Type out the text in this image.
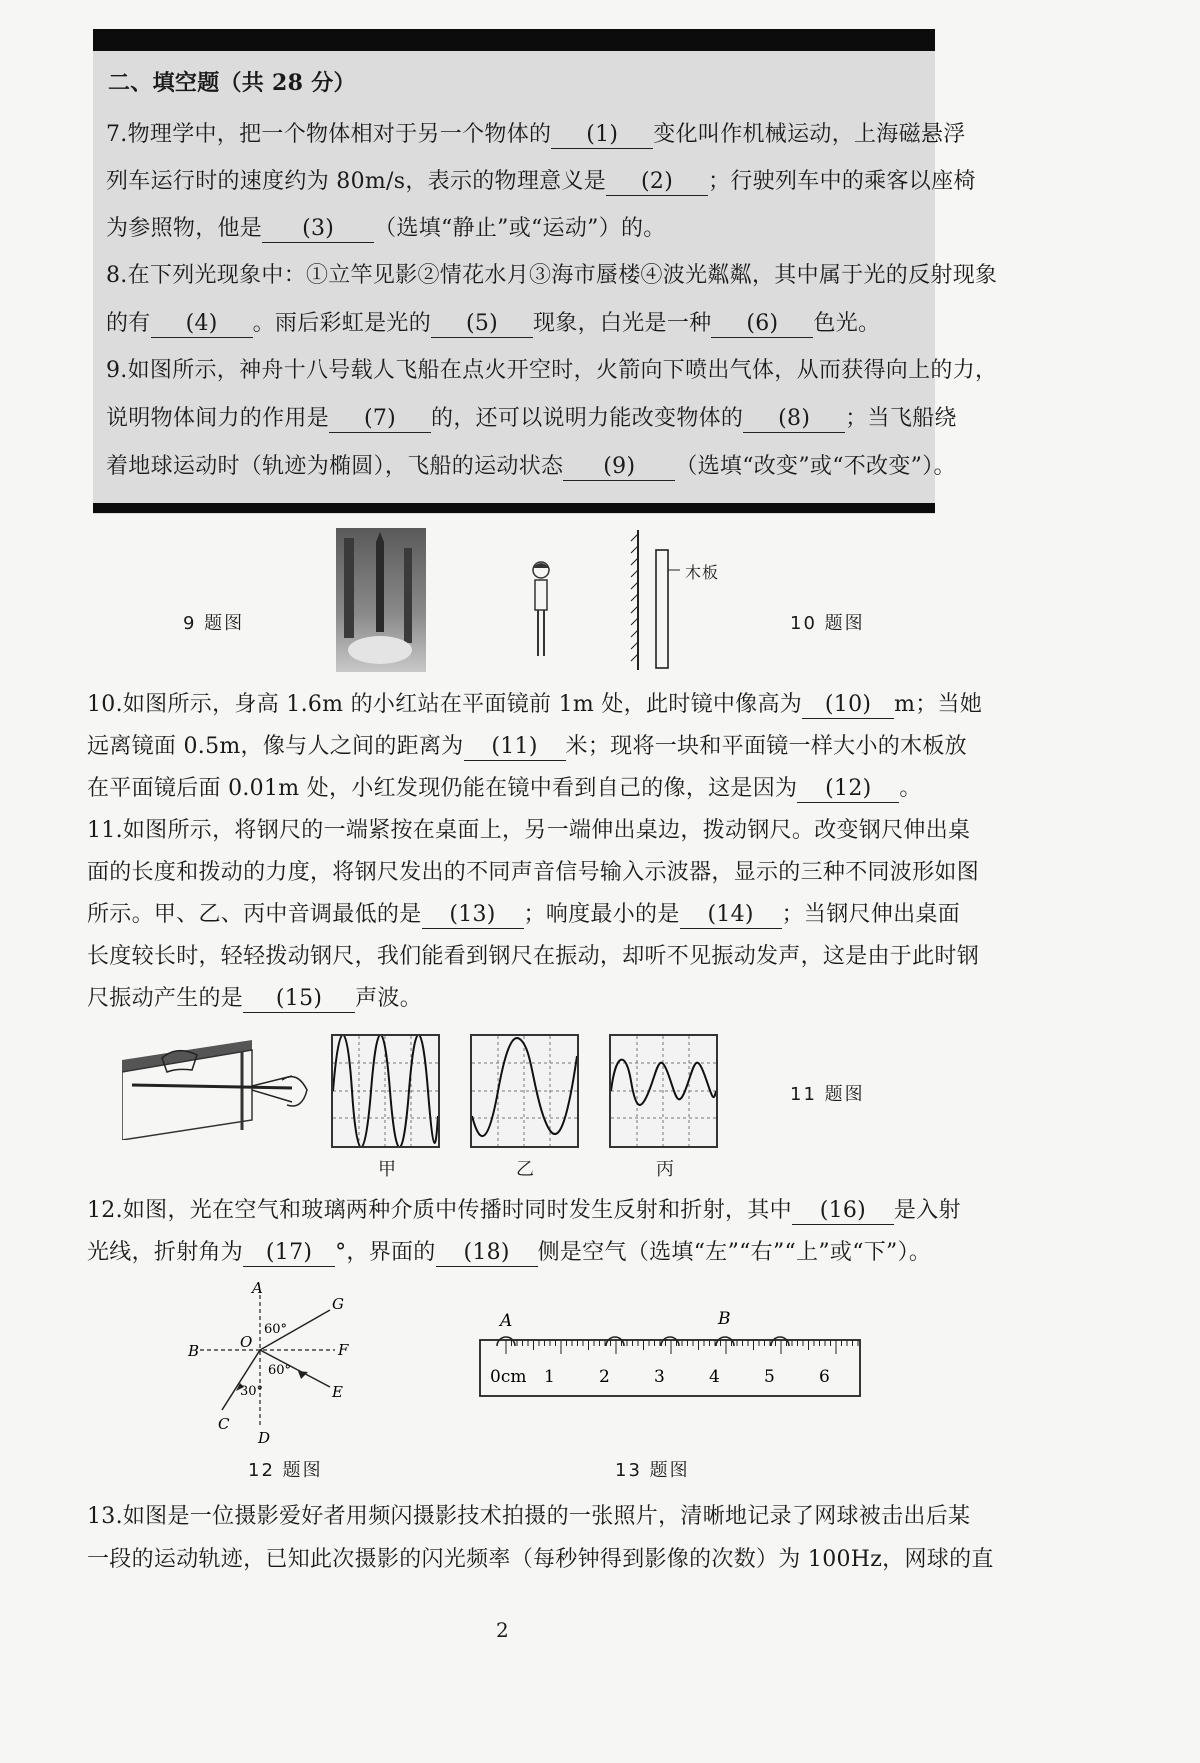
二、填空题（共 28 分）
7.物理学中，把一个物体相对于另一个物体的 (1) 变化叫作机械运动，上海磁悬浮
列车运行时的速度约为 80m/s，表示的物理意义是 (2) ；行驶列车中的乘客以座椅
为参照物，他是 (3) （选填“静止”或“运动”）的。
8.在下列光现象中：①立竿见影②情花水月③海市蜃楼④波光粼粼，其中属于光的反射现象
的有 (4) 。雨后彩虹是光的 (5) 现象，白光是一种 (6) 色光。
9.如图所示，神舟十八号载人飞船在点火开空时，火箭向下喷出气体，从而获得向上的力，
说明物体间力的作用是 (7) 的，还可以说明力能改变物体的 (8) ；当飞船绕
着地球运动时（轨迹为椭圆），飞船的运动状态 (9) （选填“改变”或“不改变”）。
9 题图
木板
10 题图
10.如图所示，身高 1.6m 的小红站在平面镜前 1m 处，此时镜中像高为 (10) m；当她
远离镜面 0.5m，像与人之间的距离为 (11) 米；现将一块和平面镜一样大小的木板放
在平面镜后面 0.01m 处，小红发现仍能在镜中看到自己的像，这是因为 (12) 。
11.如图所示，将钢尺的一端紧按在桌面上，另一端伸出桌边，拨动钢尺。改变钢尺伸出桌
面的长度和拨动的力度，将钢尺发出的不同声音信号输入示波器，显示的三种不同波形如图
所示。甲、乙、丙中音调最低的是 (13) ；响度最小的是 (14) ；当钢尺伸出桌面
长度较长时，轻轻拨动钢尺，我们能看到钢尺在振动，却听不见振动发声，这是由于此时钢
尺振动产生的是 (15) 声波。
甲	乙	丙
11 题图
12.如图，光在空气和玻璃两种介质中传播时同时发生反射和折射，其中 (16) 是入射
光线，折射角为 (17) °，界面的 (18) 侧是空气（选填“左”“右”“上”或“下”）。
A
B
C
D
E
F
G
O
60°
60°
30°
12 题图
A	B
0cm 1	2	3	4	5	6
13 题图
13.如图是一位摄影爱好者用频闪摄影技术拍摄的一张照片，清晰地记录了网球被击出后某
一段的运动轨迹，已知此次摄影的闪光频率（每秒钟得到影像的次数）为 100Hz，网球的直
2
